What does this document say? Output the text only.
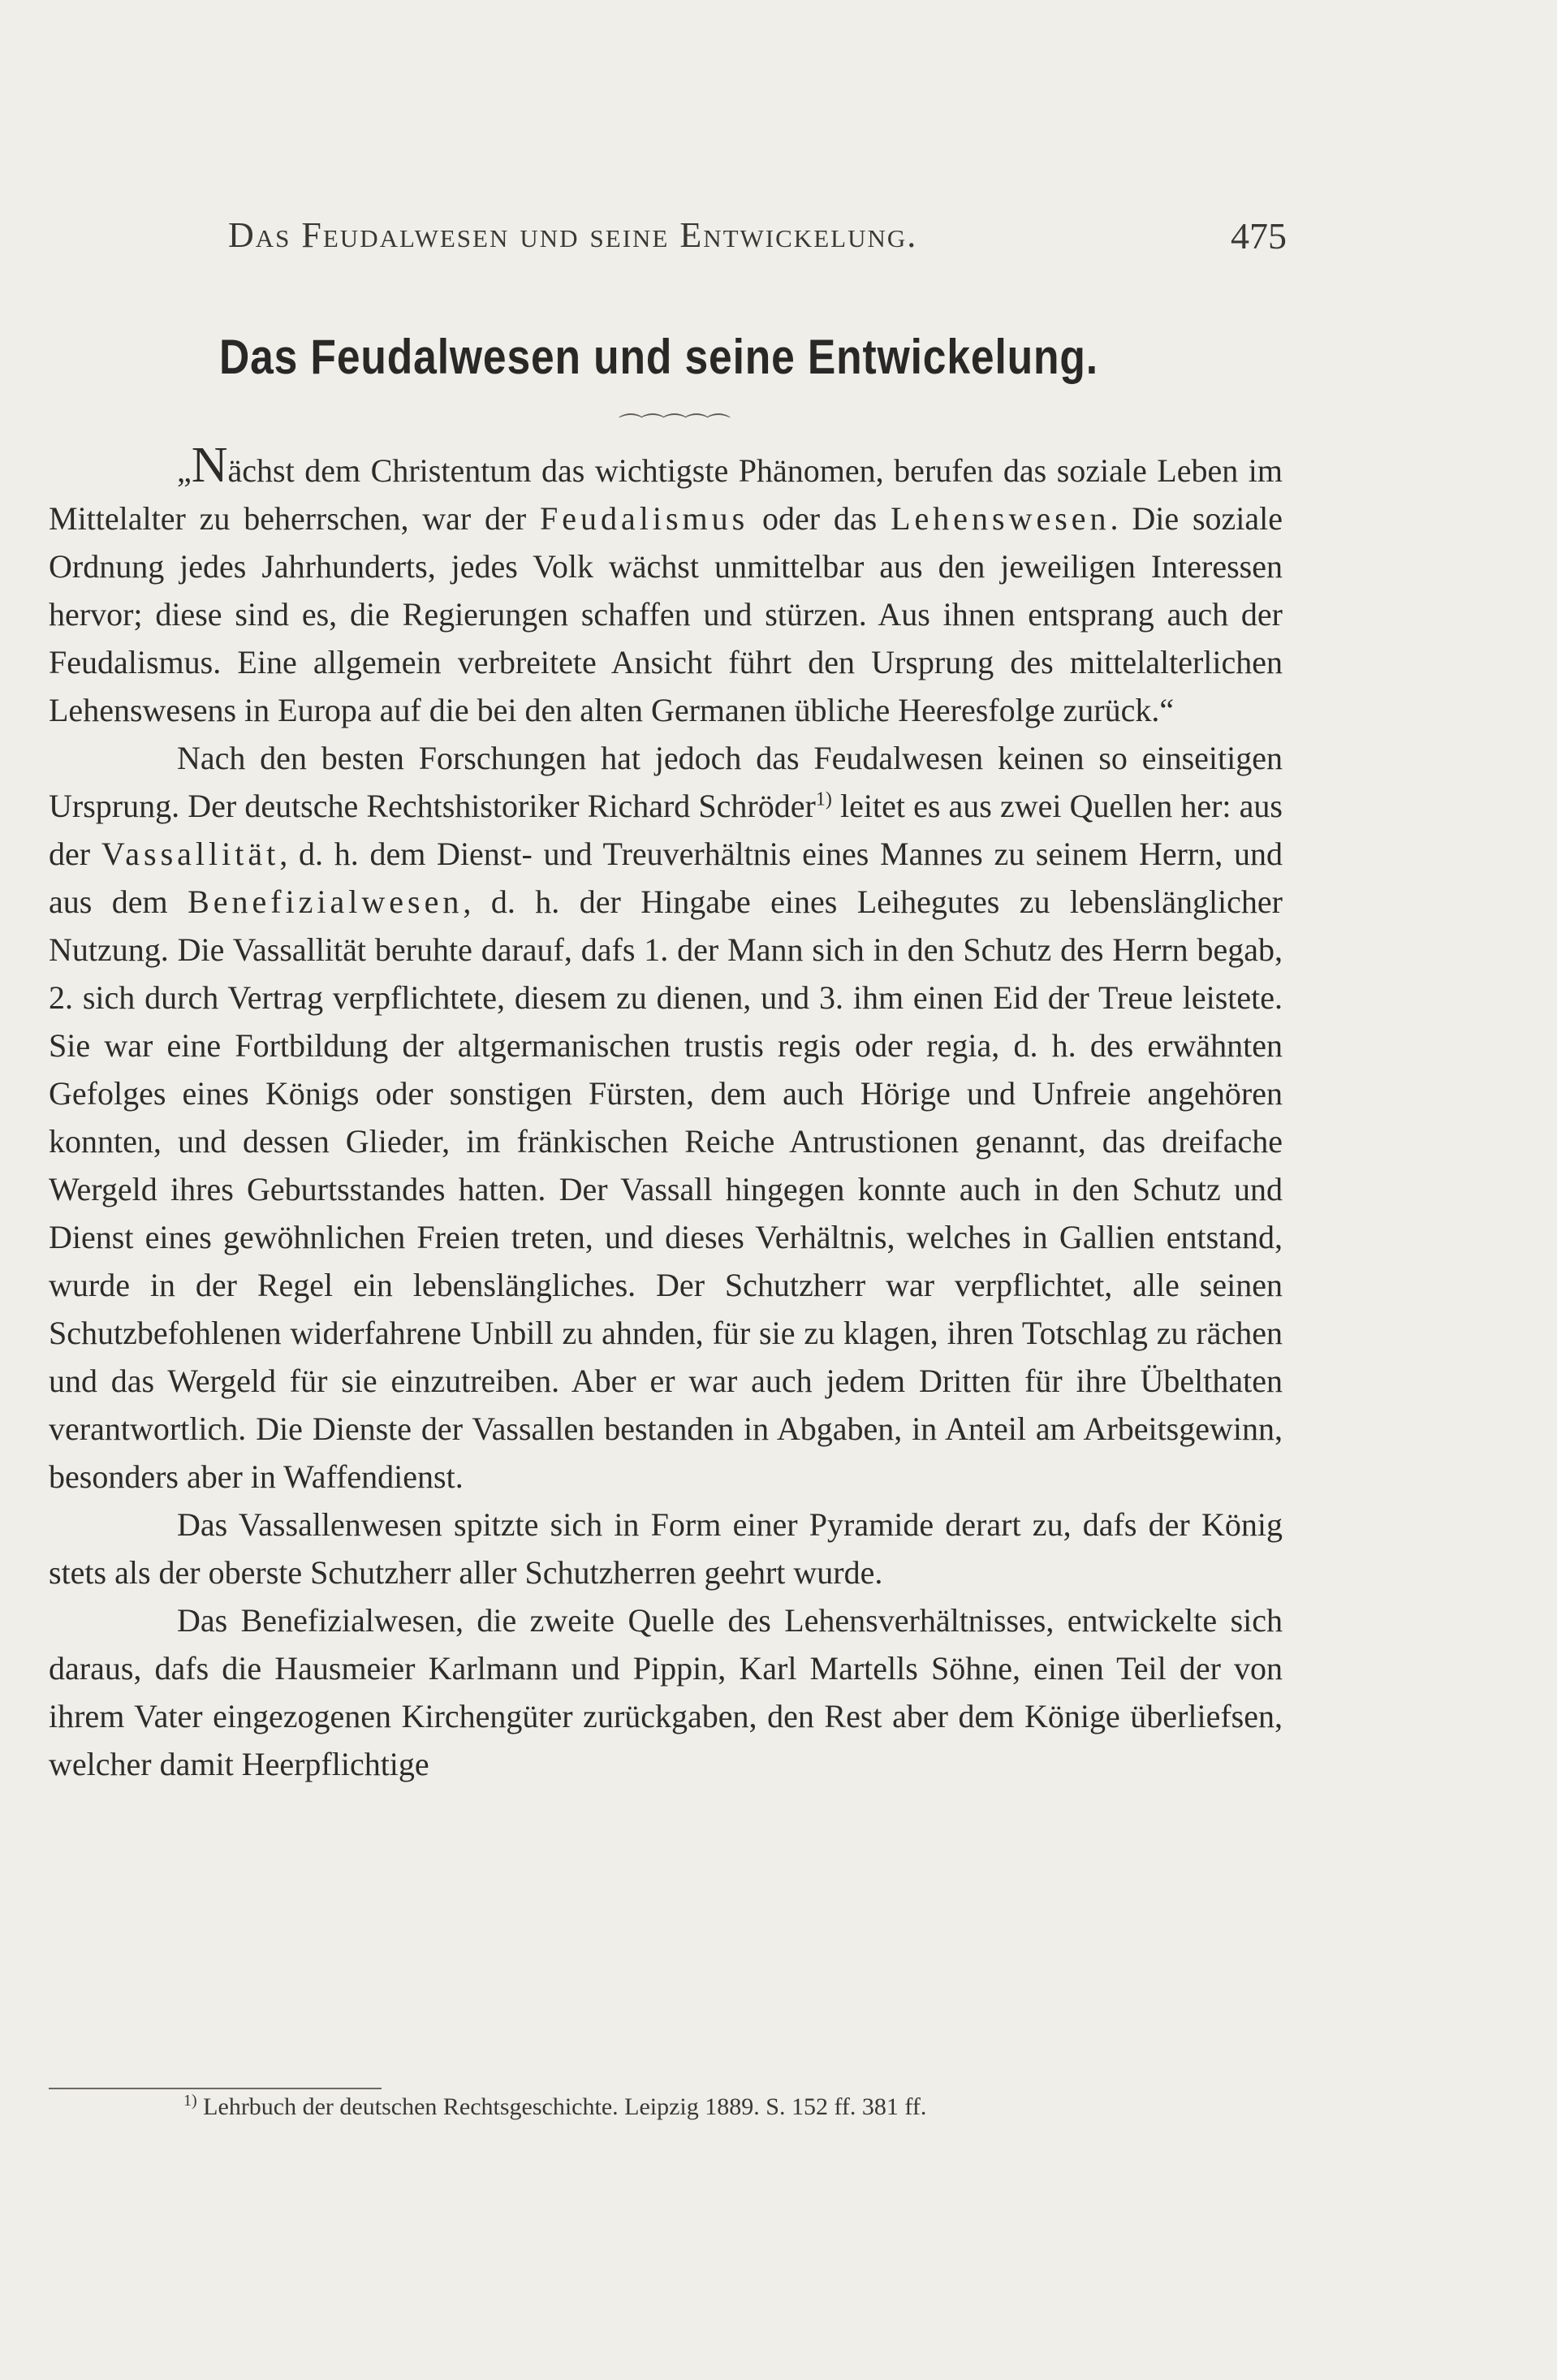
Das Feudalwesen und seine Entwickelung.	475
Das Feudalwesen und seine Entwickelung.
⌒⌒⌒⌒⌒

„Nächst dem Christentum das wichtigste Phänomen, berufen das soziale Leben im Mittelalter zu beherrschen, war der Feudalismus oder das Lehenswesen. Die soziale Ordnung jedes Jahrhunderts, jedes Volk wächst unmittelbar aus den jeweiligen Interessen hervor; diese sind es, die Regierungen schaffen und stürzen. Aus ihnen entsprang auch der Feudalismus. Eine allgemein verbreitete Ansicht führt den Ursprung des mittelalterlichen Lehenswesens in Europa auf die bei den alten Germanen übliche Heeresfolge zurück.“

Nach den besten Forschungen hat jedoch das Feudalwesen keinen so einseitigen Ursprung. Der deutsche Rechtshistoriker Richard Schröder$^{1)}$ leitet es aus zwei Quellen her: aus der Vassallität, d. h. dem Dienst- und Treuverhältnis eines Mannes zu seinem Herrn, und aus dem Benefizialwesen, d. h. der Hingabe eines Leihegutes zu lebenslänglicher Nutzung. Die Vassallität beruhte darauf, dafs 1. der Mann sich in den Schutz des Herrn begab, 2. sich durch Vertrag verpflichtete, diesem zu dienen, und 3. ihm einen Eid der Treue leistete. Sie war eine Fortbildung der altgermanischen trustis regis oder regia, d. h. des erwähnten Gefolges eines Königs oder sonstigen Fürsten, dem auch Hörige und Unfreie angehören konnten, und dessen Glieder, im fränkischen Reiche Antrustionen genannt, das dreifache Wergeld ihres Geburtsstandes hatten. Der Vassall hingegen konnte auch in den Schutz und Dienst eines gewöhnlichen Freien treten, und dieses Verhältnis, welches in Gallien entstand, wurde in der Regel ein lebenslängliches. Der Schutzherr war verpflichtet, alle seinen Schutzbefohlenen widerfahrene Unbill zu ahnden, für sie zu klagen, ihren Totschlag zu rächen und das Wergeld für sie einzutreiben. Aber er war auch jedem Dritten für ihre Übelthaten verantwortlich. Die Dienste der Vassallen bestanden in Abgaben, in Anteil am Arbeitsgewinn, besonders aber in Waffendienst.

Das Vassallenwesen spitzte sich in Form einer Pyramide derart zu, dafs der König stets als der oberste Schutzherr aller Schutzherren geehrt wurde.

Das Benefizialwesen, die zweite Quelle des Lehensverhältnisses, entwickelte sich daraus, dafs die Hausmeier Karlmann und Pippin, Karl Martells Söhne, einen Teil der von ihrem Vater eingezogenen Kirchengüter zurückgaben, den Rest aber dem Könige überliefsen, welcher damit Heerpflichtige

$^{1)}$ Lehrbuch der deutschen Rechtsgeschichte. Leipzig 1889. S. 152 ff. 381 ff.
